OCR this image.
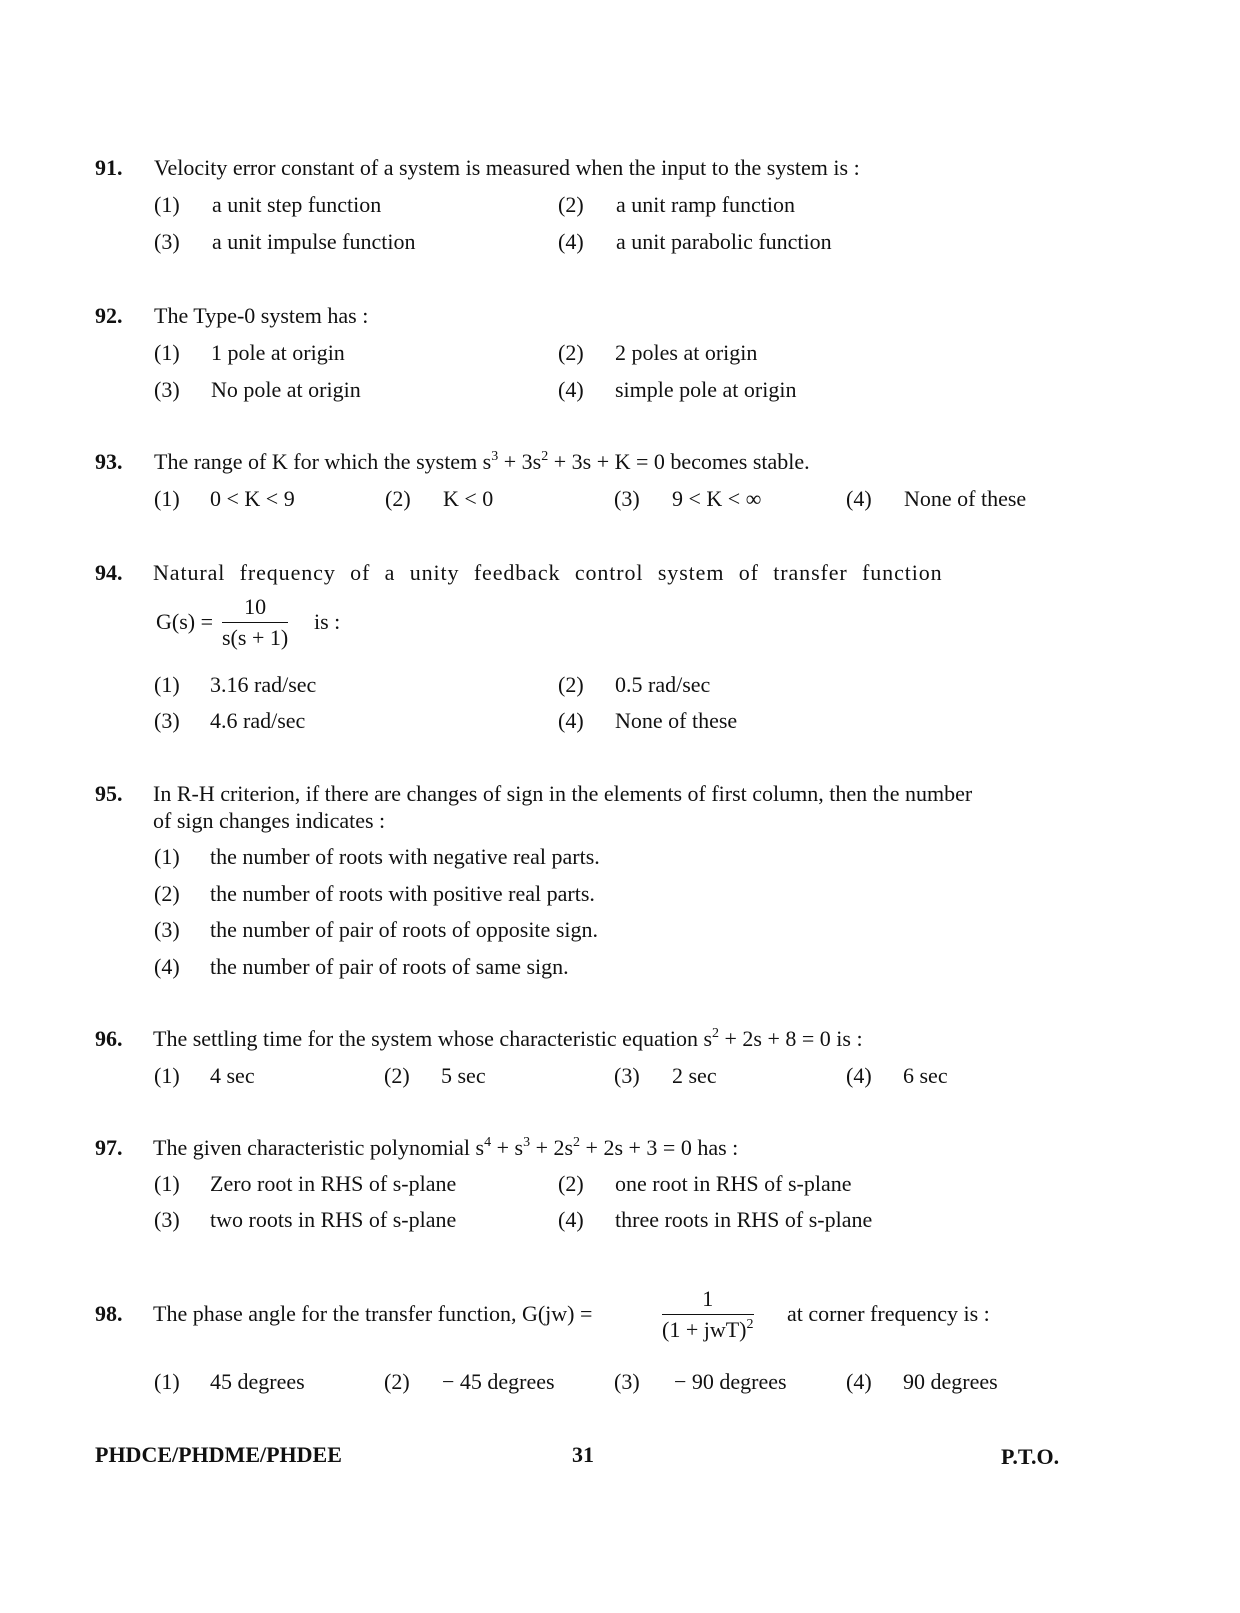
91. Velocity error constant of a system is measured when the input to the system is :
(1) a unit step function	(2) a unit ramp function
(3) a unit impulse function	(4) a unit parabolic function
92. The Type-0 system has :
(1) 1 pole at origin	(2) 2 poles at origin
(3) No pole at origin	(4) simple pole at origin
93. The range of K for which the system $s^3 + 3s^2 + 3s + K = 0$ becomes stable.
(1) 0 < K < 9	(2) K < 0	(3) 9 < K < ∞	(4) None of these
94. Natural frequency of a unity feedback control system of transfer function
$G(s) = \frac{10}{s(s + 1)}$ is :
(1) 3.16 rad/sec	(2) 0.5 rad/sec
(3) 4.6 rad/sec	(4) None of these
95. In R-H criterion, if there are changes of sign in the elements of first column, then the number
of sign changes indicates :
(1) the number of roots with negative real parts.
(2) the number of roots with positive real parts.
(3) the number of pair of roots of opposite sign.
(4) the number of pair of roots of same sign.
96. The settling time for the system whose characteristic equation $s^2 + 2s + 8 = 0$ is :
(1) 4 sec	(2) 5 sec	(3) 2 sec	(4) 6 sec
97. The given characteristic polynomial $s^4 + s^3 + 2s^2 + 2s + 3 = 0$ has :
(1) Zero root in RHS of s-plane	(2) one root in RHS of s-plane
(3) two roots in RHS of s-plane	(4) three roots in RHS of s-plane
98. The phase angle for the transfer function, G(jw) =
1
(1 + jwT)$^2$ at corner frequency is :
(1) 45 degrees	(2) − 45 degrees	(3) − 90 degrees	(4) 90 degrees
PHDCE/PHDME/PHDEE	31	P.T.O.
